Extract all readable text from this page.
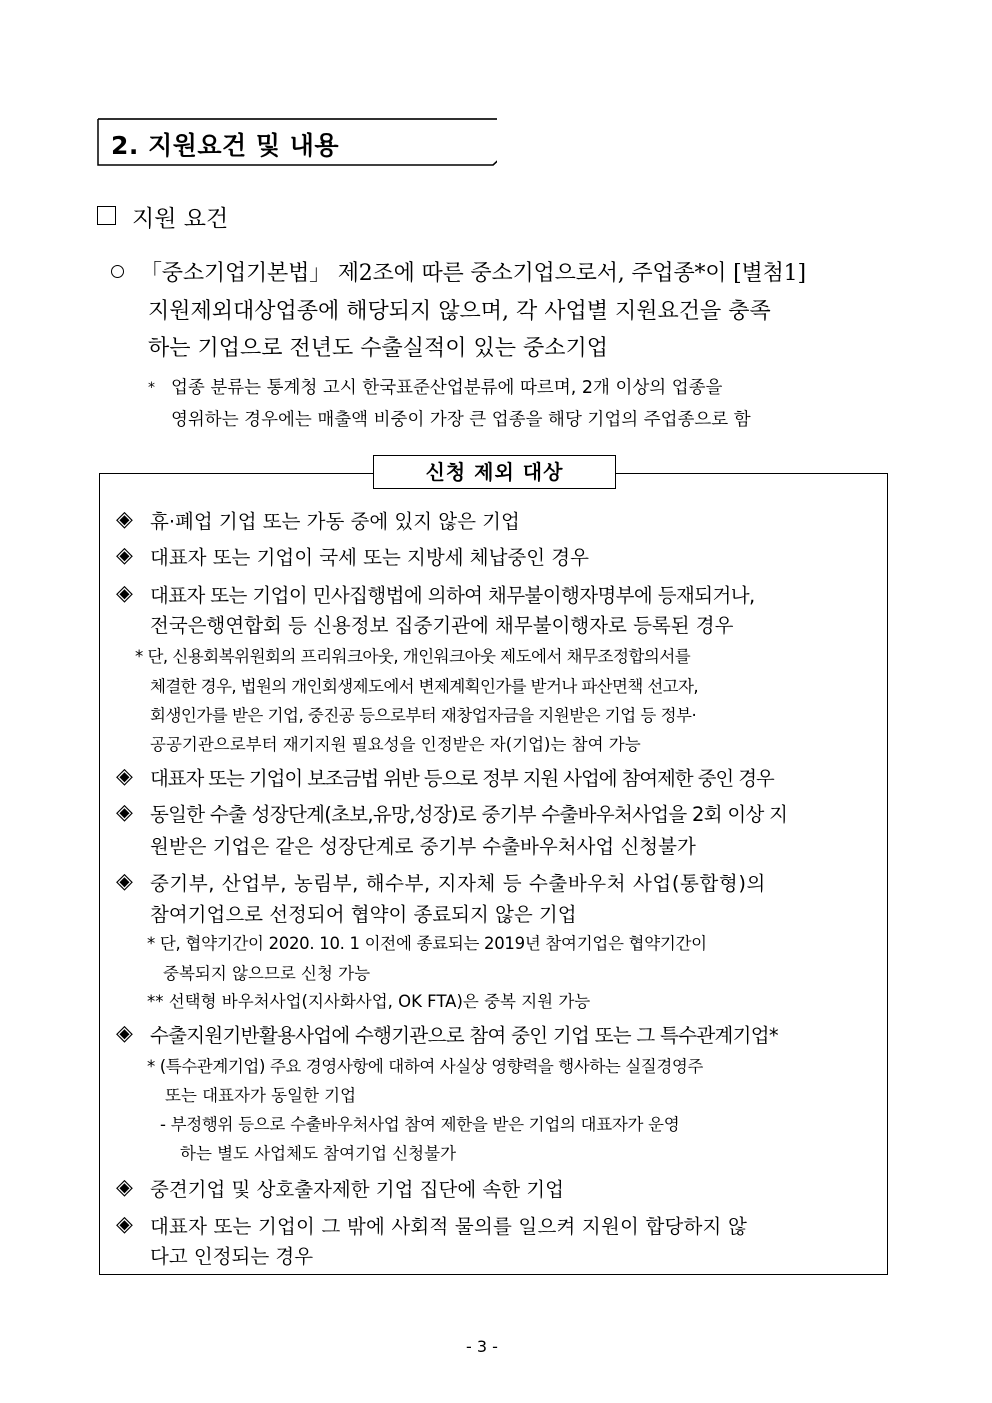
2. 지원요건 및 내용
지원 요건
「중소기업기본법」 제2조에 따른 중소기업으로서, 주업종*이 [별첨1]
지원제외대상업종에 해당되지 않으며, 각 사업별 지원요건을 충족
하는 기업으로 전년도 수출실적이 있는 중소기업
* 업종 분류는 통계청 고시 한국표준산업분류에 따르며, 2개 이상의 업종을
영위하는 경우에는 매출액 비중이 가장 큰 업종을 해당 기업의 주업종으로 함
신청 제외 대상
◈ 휴·폐업 기업 또는 가동 중에 있지 않은 기업
◈ 대표자 또는 기업이 국세 또는 지방세 체납중인 경우
◈ 대표자 또는 기업이 민사집행법에 의하여 채무불이행자명부에 등재되거나,
전국은행연합회 등 신용정보 집중기관에 채무불이행자로 등록된 경우
* 단, 신용회복위원회의 프리워크아웃, 개인워크아웃 제도에서 채무조정합의서를
체결한 경우, 법원의 개인회생제도에서 변제계획인가를 받거나 파산면책 선고자,
회생인가를 받은 기업, 중진공 등으로부터 재창업자금을 지원받은 기업 등 정부·
공공기관으로부터 재기지원 필요성을 인정받은 자(기업)는 참여 가능
◈ 대표자 또는 기업이 보조금법 위반 등으로 정부 지원 사업에 참여제한 중인 경우
◈ 동일한 수출 성장단계(초보,유망,성장)로 중기부 수출바우처사업을 2회 이상 지
원받은 기업은 같은 성장단계로 중기부 수출바우처사업 신청불가
◈ 중기부, 산업부, 농림부, 해수부, 지자체 등 수출바우처 사업(통합형)의
참여기업으로 선정되어 협약이 종료되지 않은 기업
* 단, 협약기간이 2020. 10. 1 이전에 종료되는 2019년 참여기업은 협약기간이
중복되지 않으므로 신청 가능
** 선택형 바우처사업(지사화사업, OK FTA)은 중복 지원 가능
◈ 수출지원기반활용사업에 수행기관으로 참여 중인 기업 또는 그 특수관계기업*
* (특수관계기업) 주요 경영사항에 대하여 사실상 영향력을 행사하는 실질경영주
또는 대표자가 동일한 기업
- 부정행위 등으로 수출바우처사업 참여 제한을 받은 기업의 대표자가 운영
하는 별도 사업체도 참여기업 신청불가
◈ 중견기업 및 상호출자제한 기업 집단에 속한 기업
◈ 대표자 또는 기업이 그 밖에 사회적 물의를 일으켜 지원이 합당하지 않
다고 인정되는 경우
- 3 -
